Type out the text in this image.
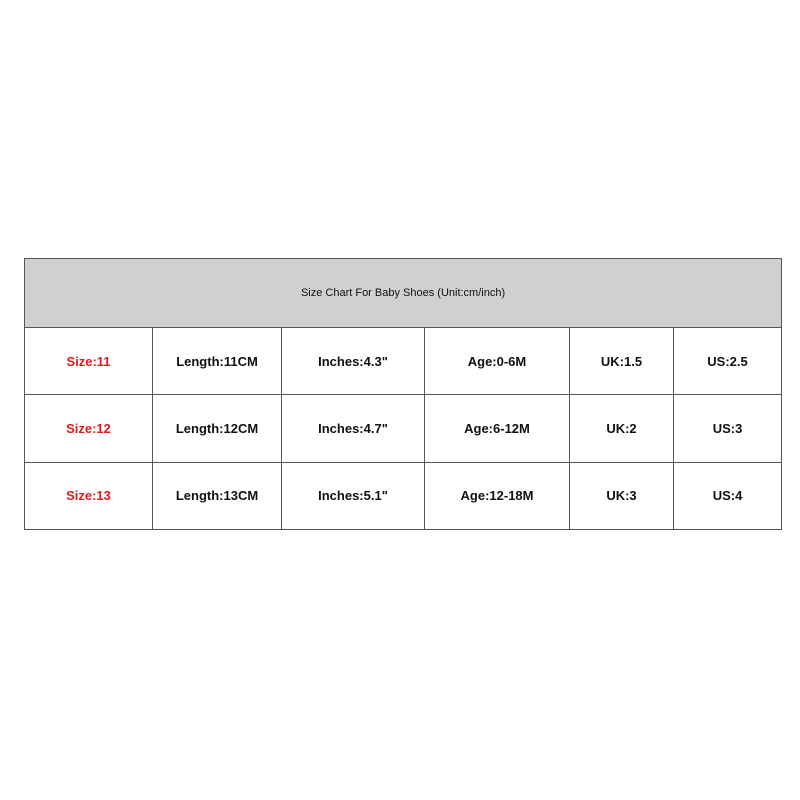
Size Chart For Baby Shoes (Unit:cm/inch)					
Size:11	Length:11CM	Inches:4.3"	Age:0-6M	UK:1.5	US:2.5
Size:12	Length:12CM	Inches:4.7"	Age:6-12M	UK:2	US:3
Size:13	Length:13CM	Inches:5.1"	Age:12-18M	UK:3	US:4
